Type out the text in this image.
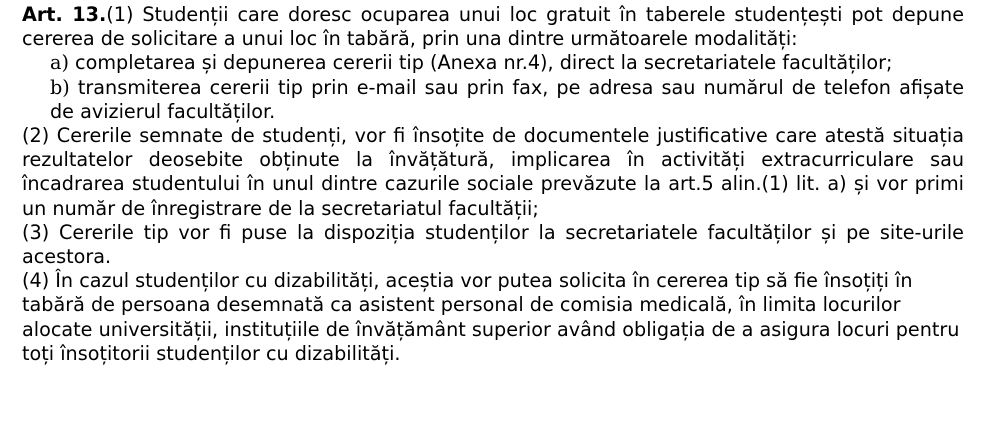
Art. 13.(1) Studenții care doresc ocuparea unui loc gratuit în taberele studențești pot depune cererea de solicitare a unui loc în tabără, prin una dintre următoarele modalități:

a) completarea și depunerea cererii tip (Anexa nr.4), direct la secretariatele facultăților;

b) transmiterea cererii tip prin e-mail sau prin fax, pe adresa sau numărul de telefon afișate de avizierul facultăților.

(2) Cererile semnate de studenți, vor fi însoțite de documentele justificative care atestă situația rezultatelor deosebite obținute la învățătură, implicarea în activități extracurriculare sau încadrarea studentului în unul dintre cazurile sociale prevăzute la art.5 alin.(1) lit. a) și vor primi un număr de înregistrare de la secretariatul facultății;

(3) Cererile tip vor fi puse la dispoziția studenților la secretariatele facultăților și pe site-urile acestora.

(4) În cazul studenților cu dizabilități, aceștia vor putea solicita în cererea tip să fie însoțiți în tabără de persoana desemnată ca asistent personal de comisia medicală, în limita locurilor alocate universității, instituțiile de învățământ superior având obligația de a asigura locuri pentru toți însoțitorii studenților cu dizabilități.
